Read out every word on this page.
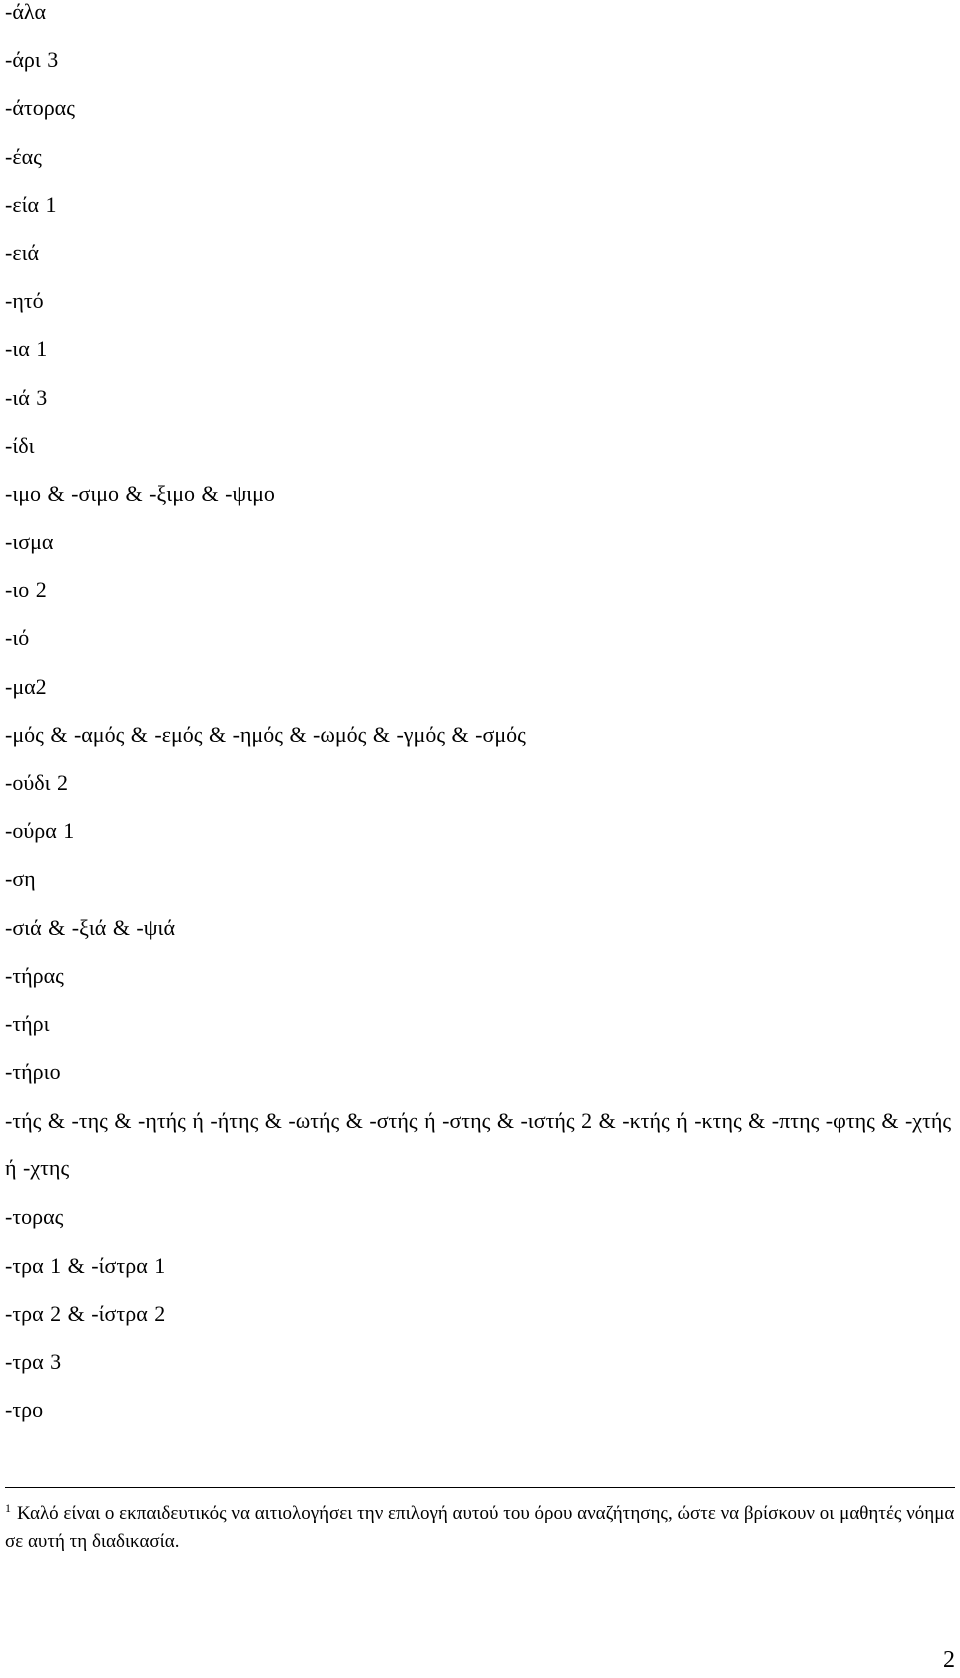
-άλα
-άρι 3
-άτορας
-έας
-εία 1
-ειά
-ητό
-ια 1
-ιά 3
-ίδι
-ιμο & -σιμο & -ξιμο & -ψιμο
-ισμα
-ιο 2
-ιό
-μα2
-μός & -αμός & -εμός & -ημός & -ωμός & -γμός & -σμός
-ούδι 2
-ούρα 1
-ση
-σιά & -ξιά & -ψιά
-τήρας
-τήρι
-τήριο
-τής & -της & -ητής ή -ήτης & -ωτής & -στής ή -στης & -ιστής 2 & -κτής ή -κτης & -πτης -φτης & -χτής ή -χτης
-τορας
-τρα 1 & -ίστρα 1
-τρα 2 & -ίστρα 2
-τρα 3
-τρο
$^1$ Καλό είναι ο εκπαιδευτικός να αιτιολογήσει την επιλογή αυτού του όρου αναζήτησης, ώστε να βρίσκουν οι μαθητές νόημα σε αυτή τη διαδικασία.
2
